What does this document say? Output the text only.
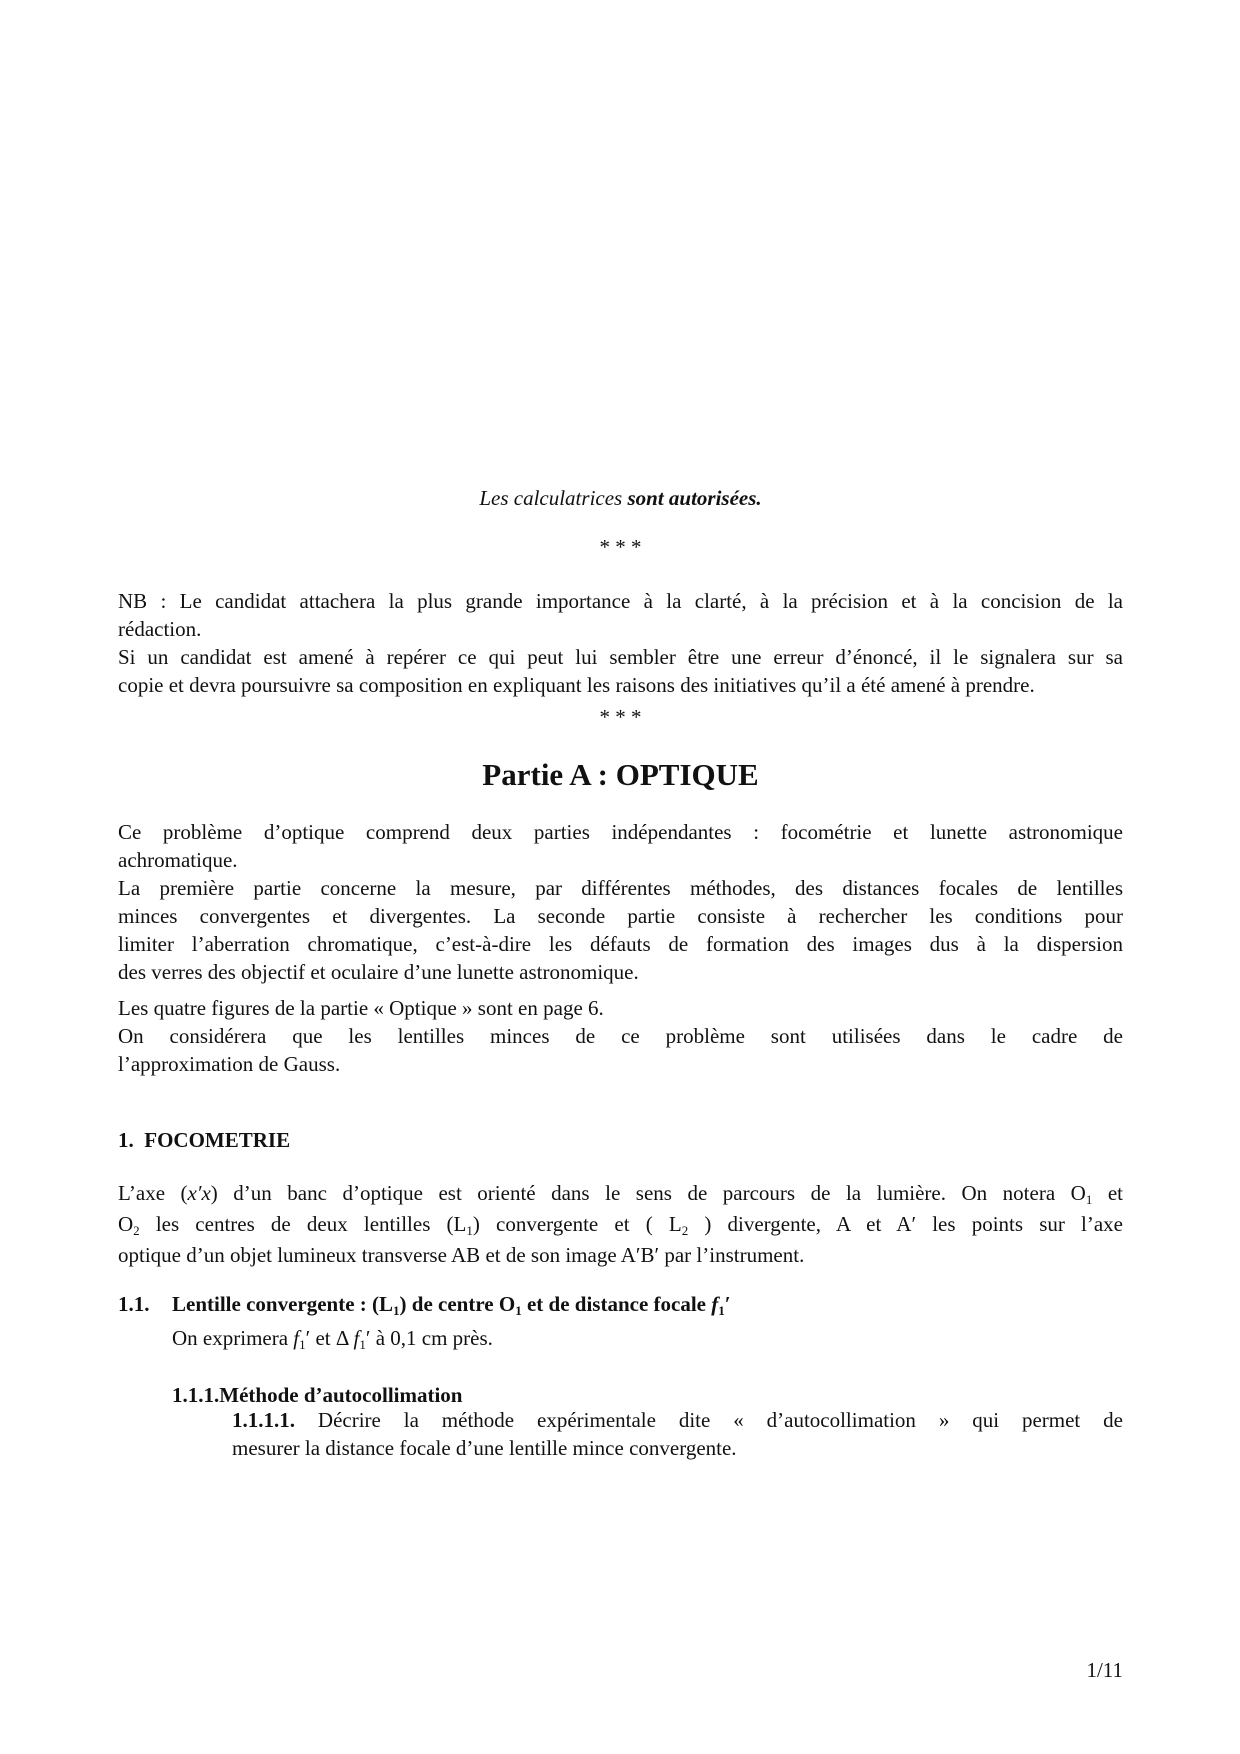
Les calculatrices sont autorisées.
* * *
NB : Le candidat attachera la plus grande importance à la clarté, à la précision et à la concision de la
rédaction.
Si un candidat est amené à repérer ce qui peut lui sembler être une erreur d’énoncé, il le signalera sur sa
copie et devra poursuivre sa composition en expliquant les raisons des initiatives qu’il a été amené à prendre.
* * *
Partie A : OPTIQUE
Ce problème d’optique comprend deux parties indépendantes : focométrie et lunette astronomique
achromatique.
La première partie concerne la mesure, par différentes méthodes, des distances focales de lentilles
minces convergentes et divergentes. La seconde partie consiste à rechercher les conditions pour
limiter l’aberration chromatique, c’est-à-dire les défauts de formation des images dus à la dispersion
des verres des objectif et oculaire d’une lunette astronomique.
Les quatre figures de la partie « Optique » sont en page 6.
On considérera que les lentilles minces de ce problème sont utilisées dans le cadre de
l’approximation de Gauss.
1. FOCOMETRIE
L’axe (x′x) d’un banc d’optique est orienté dans le sens de parcours de la lumière. On notera $O_1$ et
$O_2$ les centres de deux lentilles $(L_1)$ convergente et ( $L_2$ ) divergente, A et A′ les points sur l’axe
optique d’un objet lumineux transverse AB et de son image A′B′ par l’instrument.
1.1. Lentille convergente : $(L_1)$ de centre $O_1$ et de distance focale $f_1'$
On exprimera $f_1'$ et Δ $f_1'$ à 0,1 cm près.
1.1.1.Méthode d’autocollimation
1.1.1.1. Décrire la méthode expérimentale dite « d’autocollimation » qui permet de
mesurer la distance focale d’une lentille mince convergente.
1/11
